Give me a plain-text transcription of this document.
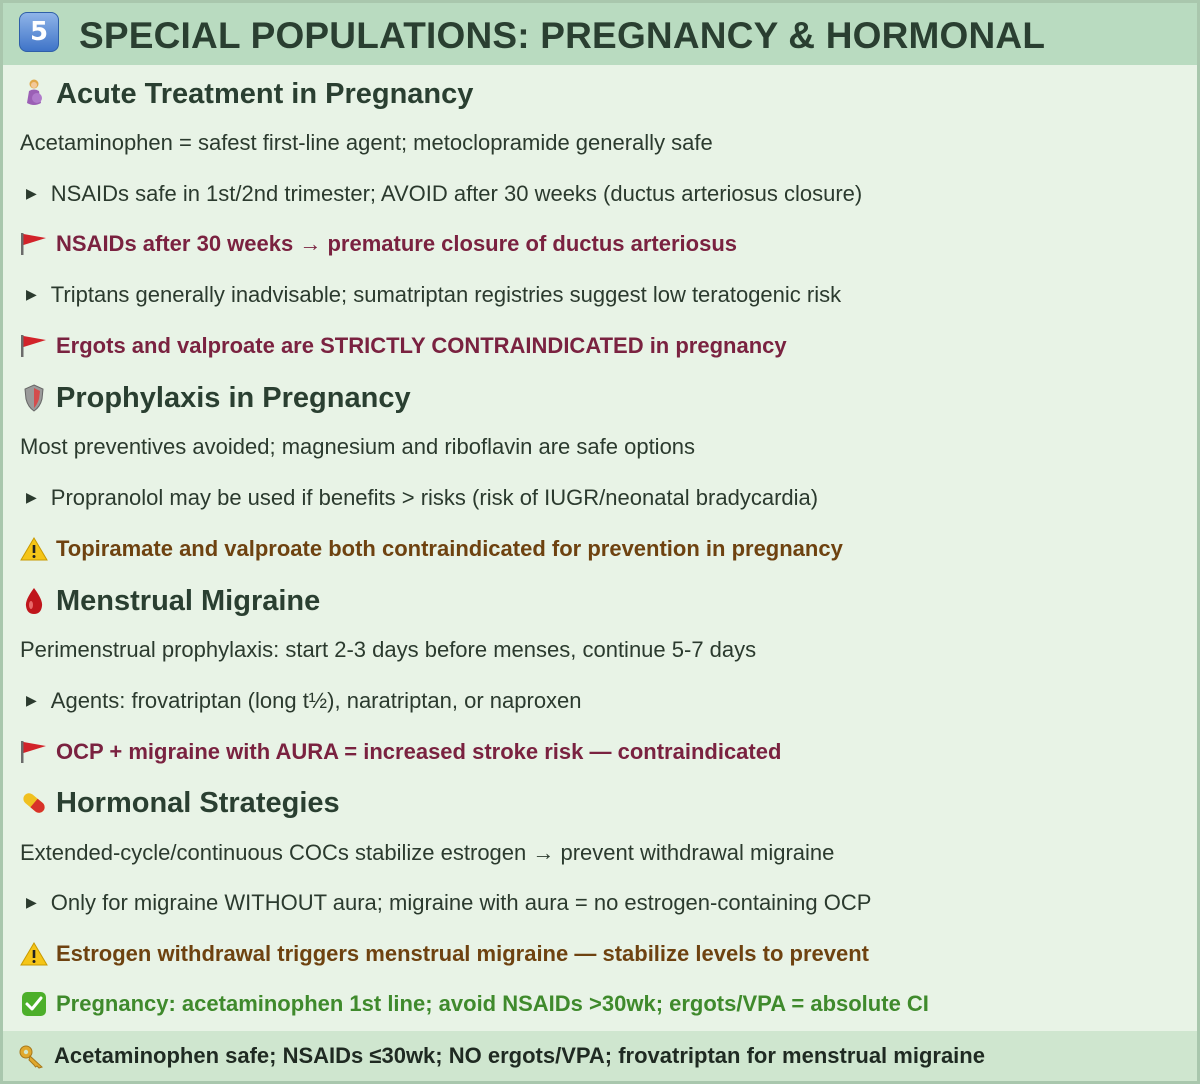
5 SPECIAL POPULATIONS: PREGNANCY & HORMONAL
Acute Treatment in Pregnancy
Acetaminophen = safest first-line agent; metoclopramide generally safe
▶ NSAIDs safe in 1st/2nd trimester; AVOID after 30 weeks (ductus arteriosus closure)
NSAIDs after 30 weeks → premature closure of ductus arteriosus
▶ Triptans generally inadvisable; sumatriptan registries suggest low teratogenic risk
Ergots and valproate are STRICTLY CONTRAINDICATED in pregnancy
Prophylaxis in Pregnancy
Most preventives avoided; magnesium and riboflavin are safe options
▶ Propranolol may be used if benefits > risks (risk of IUGR/neonatal bradycardia)
Topiramate and valproate both contraindicated for prevention in pregnancy
Menstrual Migraine
Perimenstrual prophylaxis: start 2-3 days before menses, continue 5-7 days
▶ Agents: frovatriptan (long t½), naratriptan, or naproxen
OCP + migraine with AURA = increased stroke risk — contraindicated
Hormonal Strategies
Extended-cycle/continuous COCs stabilize estrogen → prevent withdrawal migraine
▶ Only for migraine WITHOUT aura; migraine with aura = no estrogen-containing OCP
Estrogen withdrawal triggers menstrual migraine — stabilize levels to prevent
Pregnancy: acetaminophen 1st line; avoid NSAIDs >30wk; ergots/VPA = absolute CI
Acetaminophen safe; NSAIDs ≤30wk; NO ergots/VPA; frovatriptan for menstrual migraine
